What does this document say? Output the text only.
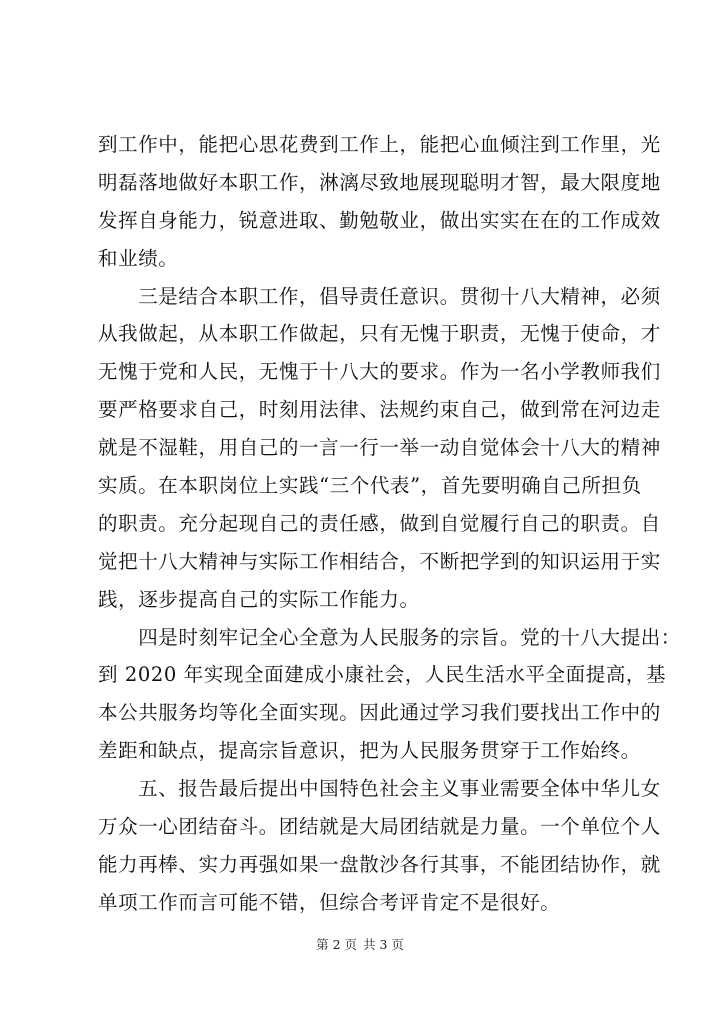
到工作中，能把心思花费到工作上，能把心血倾注到工作里，光
明磊落地做好本职工作，淋漓尽致地展现聪明才智，最大限度地
发挥自身能力，锐意进取、勤勉敬业，做出实实在在的工作成效
和业绩。
　　三是结合本职工作，倡导责任意识。贯彻十八大精神，必须
从我做起，从本职工作做起，只有无愧于职责，无愧于使命，才
无愧于党和人民，无愧于十八大的要求。作为一名小学教师我们
要严格要求自己，时刻用法律、法规约束自己，做到常在河边走
就是不湿鞋，用自己的一言一行一举一动自觉体会十八大的精神
实质。在本职岗位上实践“三个代表”，首先要明确自己所担负
的职责。充分起现自己的责任感，做到自觉履行自己的职责。自
觉把十八大精神与实际工作相结合，不断把学到的知识运用于实
践，逐步提高自己的实际工作能力。
　　四是时刻牢记全心全意为人民服务的宗旨。党的十八大提出：
到 2020 年实现全面建成小康社会，人民生活水平全面提高，基
本公共服务均等化全面实现。因此通过学习我们要找出工作中的
差距和缺点，提高宗旨意识，把为人民服务贯穿于工作始终。
　　五、报告最后提出中国特色社会主义事业需要全体中华儿女
万众一心团结奋斗。团结就是大局团结就是力量。一个单位个人
能力再棒、实力再强如果一盘散沙各行其事，不能团结协作，就
单项工作而言可能不错，但综合考评肯定不是很好。
第 2 页 共 3 页
